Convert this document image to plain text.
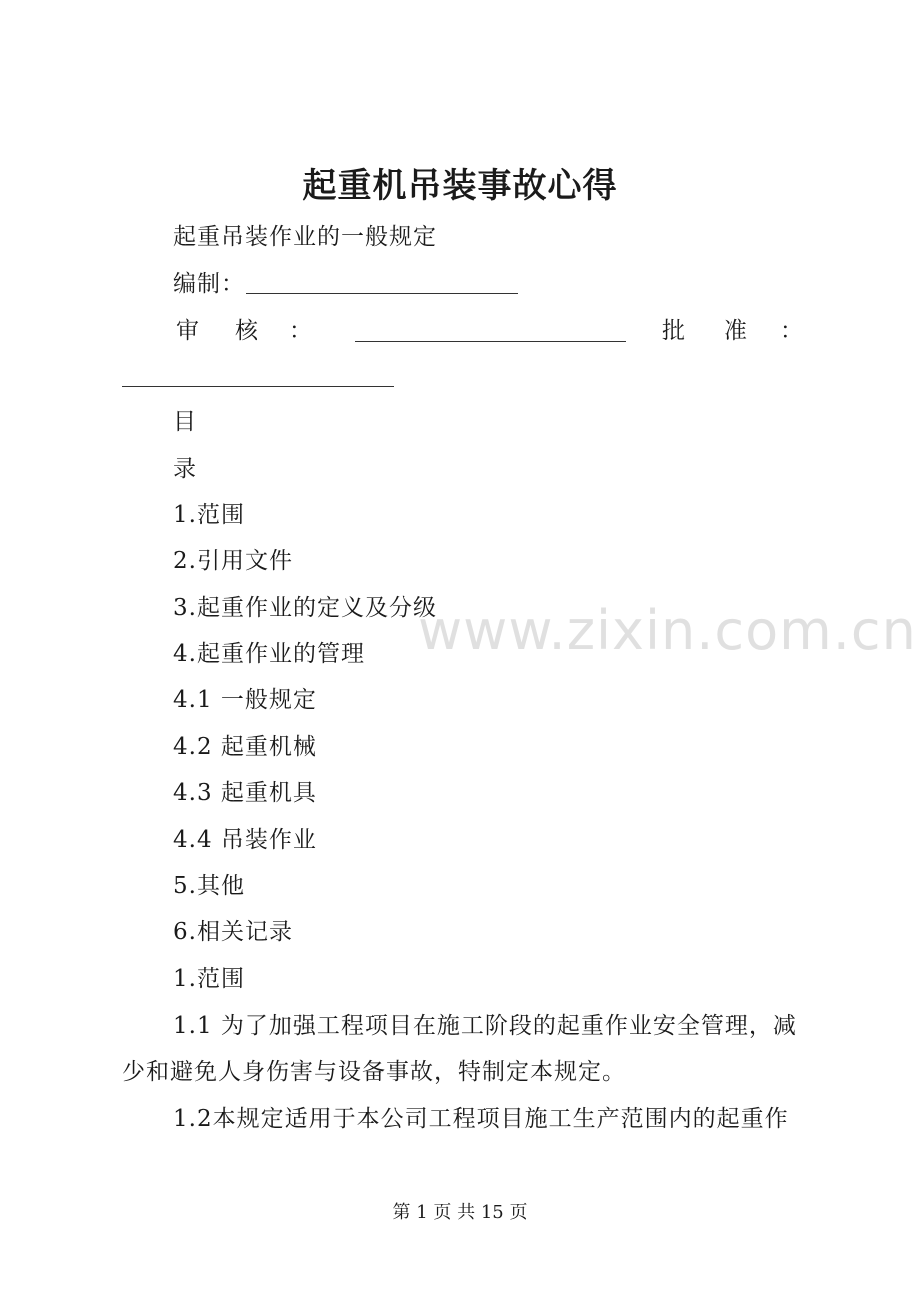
起重机吊装事故心得
起重吊装作业的一般规定
编制：
审 核 ：	批 准 ：
目
录
1.范围
2.引用文件
3.起重作业的定义及分级
4.起重作业的管理
4.1 一般规定
4.2 起重机械
4.3 起重机具
4.4 吊装作业
5.其他
6.相关记录
1.范围
1.1 为了加强工程项目在施工阶段的起重作业安全管理，减
少和避免人身伤害与设备事故，特制定本规定。
1.2本规定适用于本公司工程项目施工生产范围内的起重作
www.zixin.com.cn
第 1 页 共 15 页
